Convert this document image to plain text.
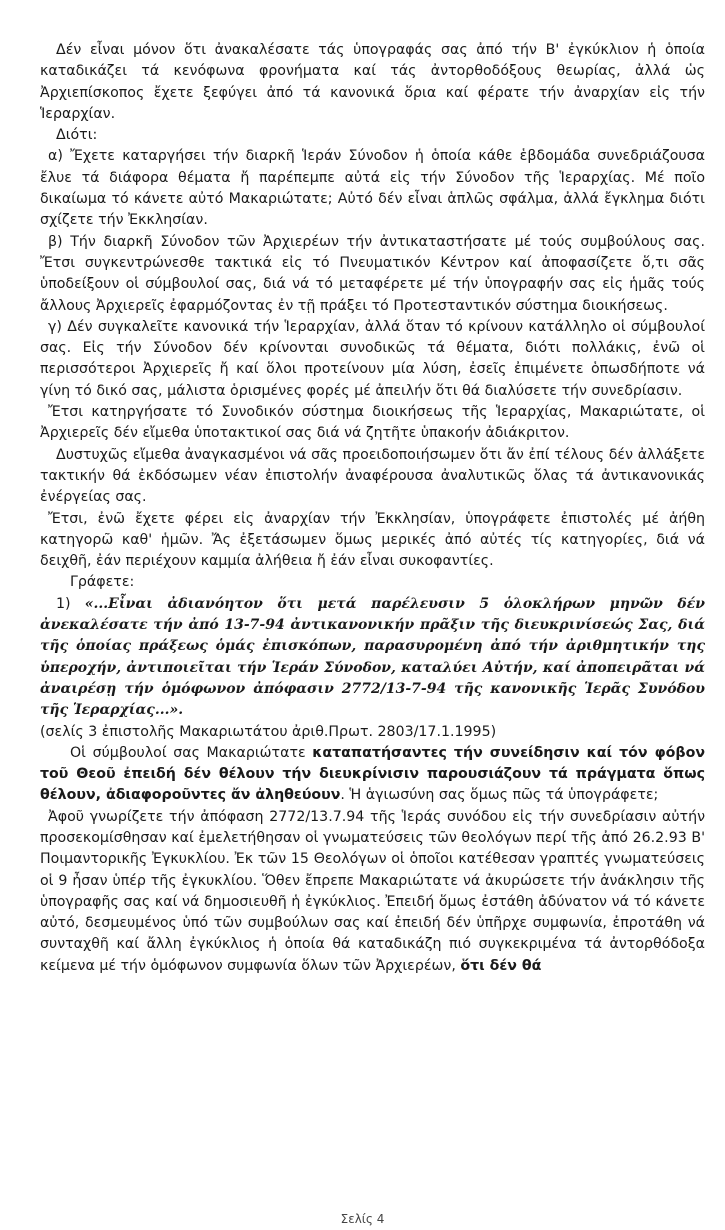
Δέν εἶναι μόνον ὅτι ἀνακαλέσατε τάς ὑπογραφάς σας ἀπό τήν Β' ἐγκύκλιον ἡ ὁποία καταδικάζει τά κενόφωνα φρονήματα καί τάς ἀντορθοδόξους θεωρίας, ἀλλά ὡς Ἀρχιεπίσκοπος ἔχετε ξεφύγει ἀπό τά κανονικά ὅρια καί φέρατε τήν ἀναρχίαν εἰς τήν Ἱεραρχίαν.

Διότι:

α) Ἔχετε καταργήσει τήν διαρκῆ Ἱεράν Σύνοδον ἡ ὁποία κάθε ἑβδομάδα συνεδριάζουσα ἔλυε τά διάφορα θέματα ἤ παρέπεμπε αὐτά εἰς τήν Σύνοδον τῆς Ἱεραρχίας. Μέ ποῖο δικαίωμα τό κάνετε αὐτό Μακαριώτατε; Αὐτό δέν εἶναι ἁπλῶς σφάλμα, ἀλλά ἔγκλημα διότι σχίζετε τήν Ἐκκλησίαν.

β) Τήν διαρκῆ Σύνοδον τῶν Ἀρχιερέων τήν ἀντικαταστήσατε μέ τούς συμβούλους σας. Ἔτσι συγκεντρώνεσθε τακτικά εἰς τό Πνευματικόν Κέντρον καί ἀποφασίζετε ὅ,τι σᾶς ὑποδείξουν οἱ σύμβουλοί σας, διά νά τό μεταφέρετε μέ τήν ὑπογραφήν σας εἰς ἡμᾶς τούς ἄλλους Ἀρχιερεῖς ἐφαρμόζοντας ἐν τῇ πράξει τό Προτεσταντικόν σύστημα διοικήσεως.

γ) Δέν συγκαλεῖτε κανονικά τήν Ἱεραρχίαν, ἀλλά ὅταν τό κρίνουν κατάλληλο οἱ σύμβουλοί σας. Εἰς τήν Σύνοδον δέν κρίνονται συνοδικῶς τά θέματα, διότι πολλάκις, ἐνῶ οἱ περισσότεροι Ἀρχιερεῖς ἤ καί ὅλοι προτείνουν μία λύση, ἐσεῖς ἐπιμένετε ὁπωσδήποτε νά γίνη τό δικό σας, μάλιστα ὁρισμένες φορές μέ ἀπειλήν ὅτι θά διαλύσετε τήν συνεδρίασιν.

Ἔτσι κατηργήσατε τό Συνοδικόν σύστημα διοικήσεως τῆς Ἱεραρχίας, Μακαριώτατε, οἱ Ἀρχιερεῖς δέν εἴμεθα ὑποτακτικοί σας διά νά ζητῆτε ὑπακοήν ἀδιάκριτον.

Δυστυχῶς εἴμεθα ἀναγκασμένοι νά σᾶς προειδοποιήσωμεν ὅτι ἄν ἐπί τέλους δέν ἀλλάξετε τακτικήν θά ἐκδόσωμεν νέαν ἐπιστολήν ἀναφέρουσα ἀναλυτικῶς ὅλας τά ἀντικανονικάς ἐνέργείας σας.

Ἔτσι, ἐνῶ ἔχετε φέρει εἰς ἀναρχίαν τήν Ἐκκλησίαν, ὑπογράφετε ἐπιστολές μέ ἀήθη κατηγορῶ καθ' ἡμῶν. Ἄς ἐξετάσωμεν ὅμως μερικές ἀπό αὐτές τίς κατηγορίες, διά νά δειχθῆ, ἐάν περιέχουν καμμία ἀλήθεια ἤ ἐάν εἶναι συκοφαντίες.

Γράφετε:

1) «...Εἶναι ἀδιανόητον ὅτι μετά παρέλευσιν 5 ὁλοκλήρων μηνῶν δέν ἀνεκαλέσατε τήν ἀπό 13-7-94 ἀντικανονικήν πρᾶξιν τῆς διευκρινίσεώς Σας, διά τῆς ὁποίας πράξεως ὁμάς ἐπισκόπων, παρασυρομένη ἀπό τήν ἀριθμητικήν της ὑπεροχήν, ἀντιποιεῖται τήν Ἱεράν Σύνοδον, καταλύει Αὐτήν, καί ἀποπειρᾶται νά ἀναιρέσῃ τήν ὁμόφωνον ἀπόφασιν 2772/13-7-94 τῆς κανονικῆς Ἱερᾶς Συνόδου τῆς Ἱεραρχίας...».

(σελίς 3 ἐπιστολῆς Μακαριωτάτου ἀριθ.Πρωτ. 2803/17.1.1995)

Οἱ σύμβουλοί σας Μακαριώτατε καταπατήσαντες τήν συνείδησιν καί τόν φόβον τοῦ Θεοῦ ἐπειδή δέν θέλουν τήν διευκρίνισιν παρουσιάζουν τά πράγματα ὅπως θέλουν, ἀδιαφοροῦντες ἄν ἀληθεύουν. Ἡ ἁγιωσύνη σας ὅμως πῶς τά ὑπογράφετε;

Ἀφοῦ γνωρίζετε τήν ἀπόφαση 2772/13.7.94 τῆς Ἱεράς συνόδου εἰς τήν συνεδρίασιν αὐτήν προσεκομίσθησαν καί ἐμελετήθησαν οἱ γνωματεύσεις τῶν θεολόγων περί τῆς ἀπό 26.2.93 Β' Ποιμαντορικῆς Ἐγκυκλίου. Ἐκ τῶν 15 Θεολόγων οἱ ὁποῖοι κατέθεσαν γραπτές γνωματεύσεις οἱ 9 ἦσαν ὑπέρ τῆς ἐγκυκλίου. Ὅθεν ἔπρεπε Μακαριώτατε νά ἀκυρώσετε τήν ἀνάκλησιν τῆς ὑπογραφῆς σας καί νά δημοσιευθῆ ἡ ἐγκύκλιος. Ἐπειδή ὅμως ἐστάθη ἀδύνατον νά τό κάνετε αὐτό, δεσμευμένος ὑπό τῶν συμβούλων σας καί ἐπειδή δέν ὑπῆρχε συμφωνία, ἐπροτάθη νά συνταχθῆ καί ἄλλη ἐγκύκλιος ἡ ὁποία θά καταδικάζη πιό συγκεκριμένα τά ἀντορθόδοξα κείμενα μέ τήν ὁμόφωνον συμφωνία ὅλων τῶν Ἀρχιερέων, ὅτι δέν θά

Σελίς 4
